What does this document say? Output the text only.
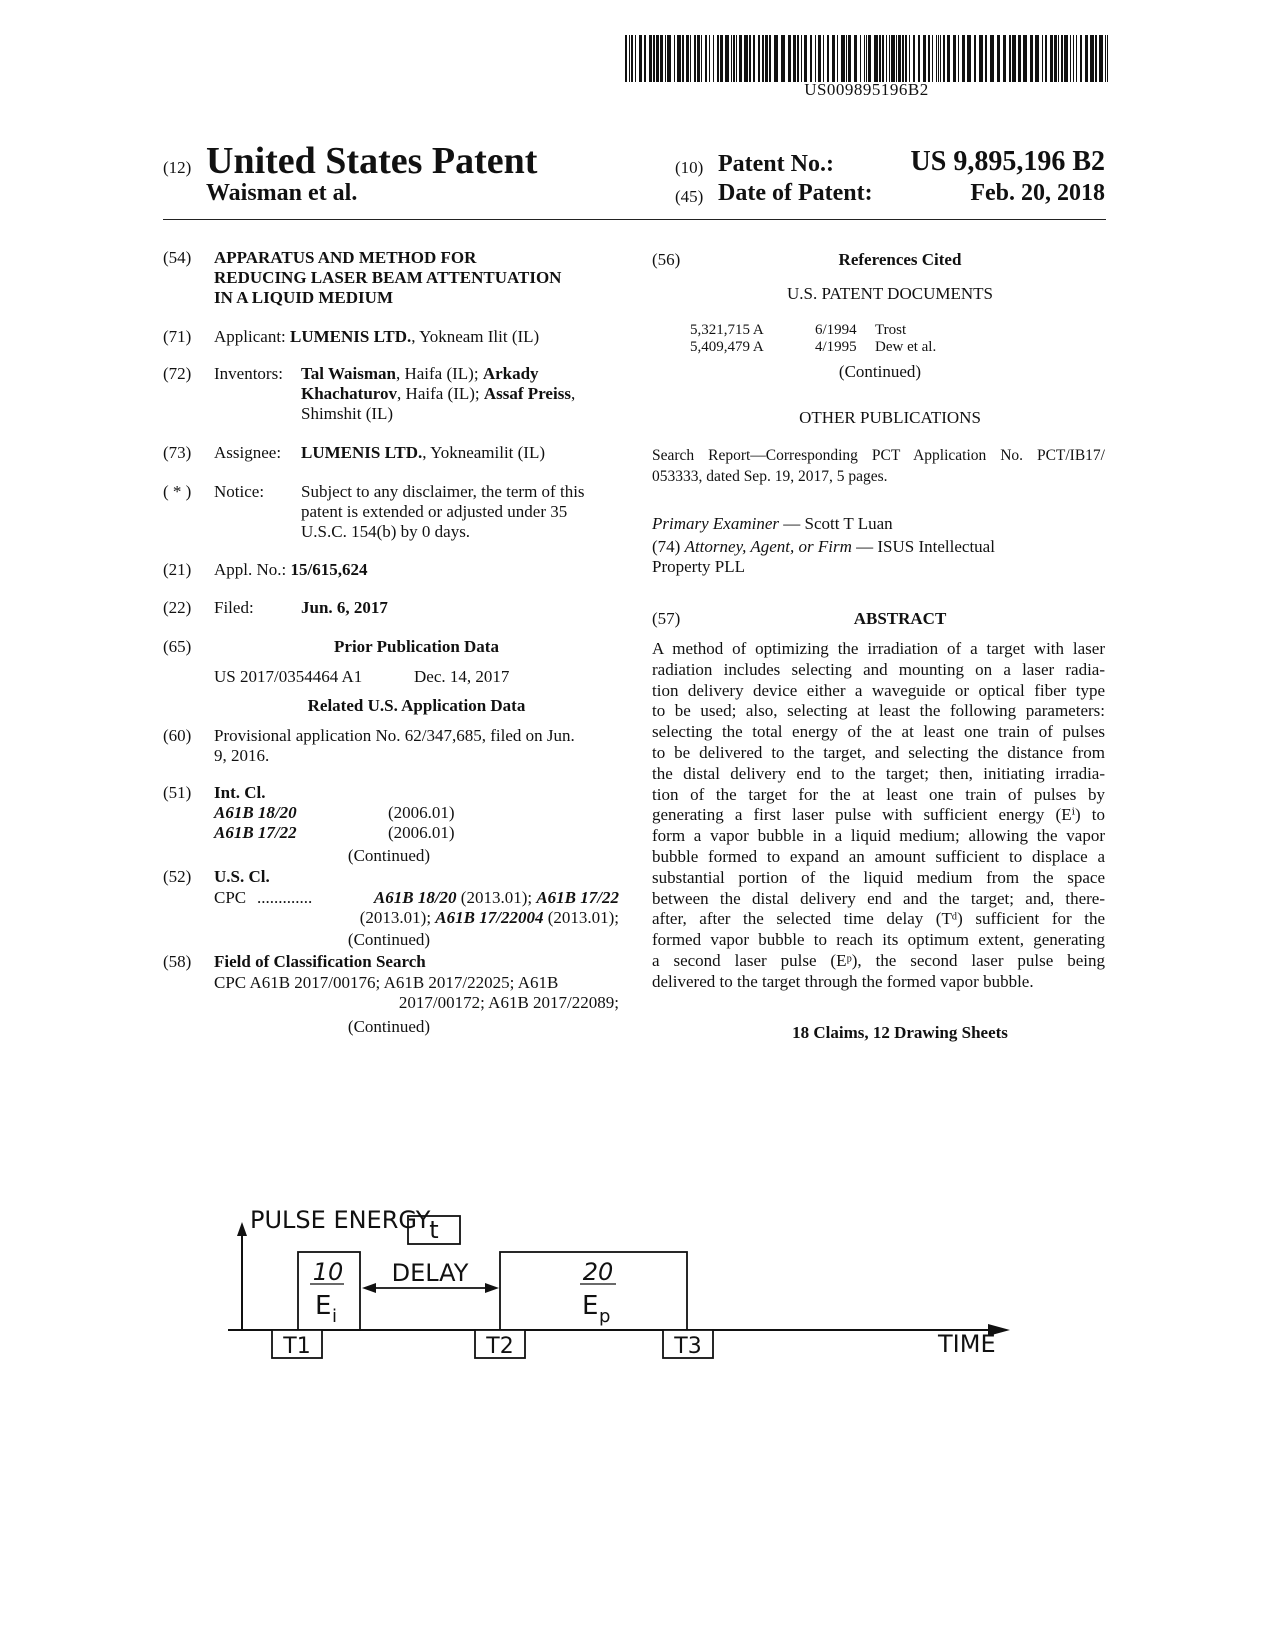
US009895196B2
(12) United States Patent
Waisman et al.
(10) Patent No.:	US 9,895,196 B2
(45) Date of Patent:	Feb. 20, 2018
(54) APPARATUS AND METHOD FOR
REDUCING LASER BEAM ATTENTUATION
IN A LIQUID MEDIUM
(71) Applicant: LUMENIS LTD., Yokneam Ilit (IL)
(72) Inventors: Tal Waisman, Haifa (IL); Arkady
Khachaturov, Haifa (IL); Assaf Preiss,
Shimshit (IL)
(73) Assignee: LUMENIS LTD., Yokneamilit (IL)
( * ) Notice: Subject to any disclaimer, the term of this
patent is extended or adjusted under 35
U.S.C. 154(b) by 0 days.
(21) Appl. No.: 15/615,624
(22) Filed:	Jun. 6, 2017
(65)	Prior Publication Data
US 2017/0354464 A1	Dec. 14, 2017
Related U.S. Application Data
(60) Provisional application No. 62/347,685, filed on Jun.
9, 2016.
(51) Int. Cl.
A61B 18/20	(2006.01)
A61B 17/22	(2006.01)
(Continued)
(52) U.S. Cl.
CPC .............	A61B 18/20 (2013.01); A61B 17/22
(2013.01); A61B 17/22004 (2013.01);
(Continued)
(58) Field of Classification Search
CPC A61B 2017/00176; A61B 2017/22025; A61B
2017/00172; A61B 2017/22089;
(Continued)
(56)	References Cited
U.S. PATENT DOCUMENTS
5,321,715 A	6/1994 Trost
5,409,479 A	4/1995 Dew et al.
(Continued)
OTHER PUBLICATIONS
Search Report—Corresponding PCT Application No. PCT/IB17/
053333, dated Sep. 19, 2017, 5 pages.
Primary Examiner — Scott T Luan
(74) Attorney, Agent, or Firm — ISUS Intellectual
Property PLL
(57)	ABSTRACT
A method of optimizing the irradiation of a target with laser
radiation includes selecting and mounting on a laser radia-
tion delivery device either a waveguide or optical fiber type
to be used; also, selecting at least the following parameters:
selecting the total energy of the at least one train of pulses
to be delivered to the target, and selecting the distance from
the distal delivery end to the target; then, initiating irradia-
tion of the target for the at least one train of pulses by
generating a first laser pulse with sufficient energy (Eⁱ) to
form a vapor bubble in a liquid medium; allowing the vapor
bubble formed to expand an amount sufficient to displace a
substantial portion of the liquid medium from the space
between the distal delivery end and the target; and, there-
after, after the selected time delay (Tᵈ) sufficient for the
formed vapor bubble to reach its optimum extent, generating
a second laser pulse (Eᵖ), the second laser pulse being
delivered to the target through the formed vapor bubble.
18 Claims, 12 Drawing Sheets
PULSE ENERGY
TIME
t
10
E i
DELAY	20
E p
T1	T2	T3
